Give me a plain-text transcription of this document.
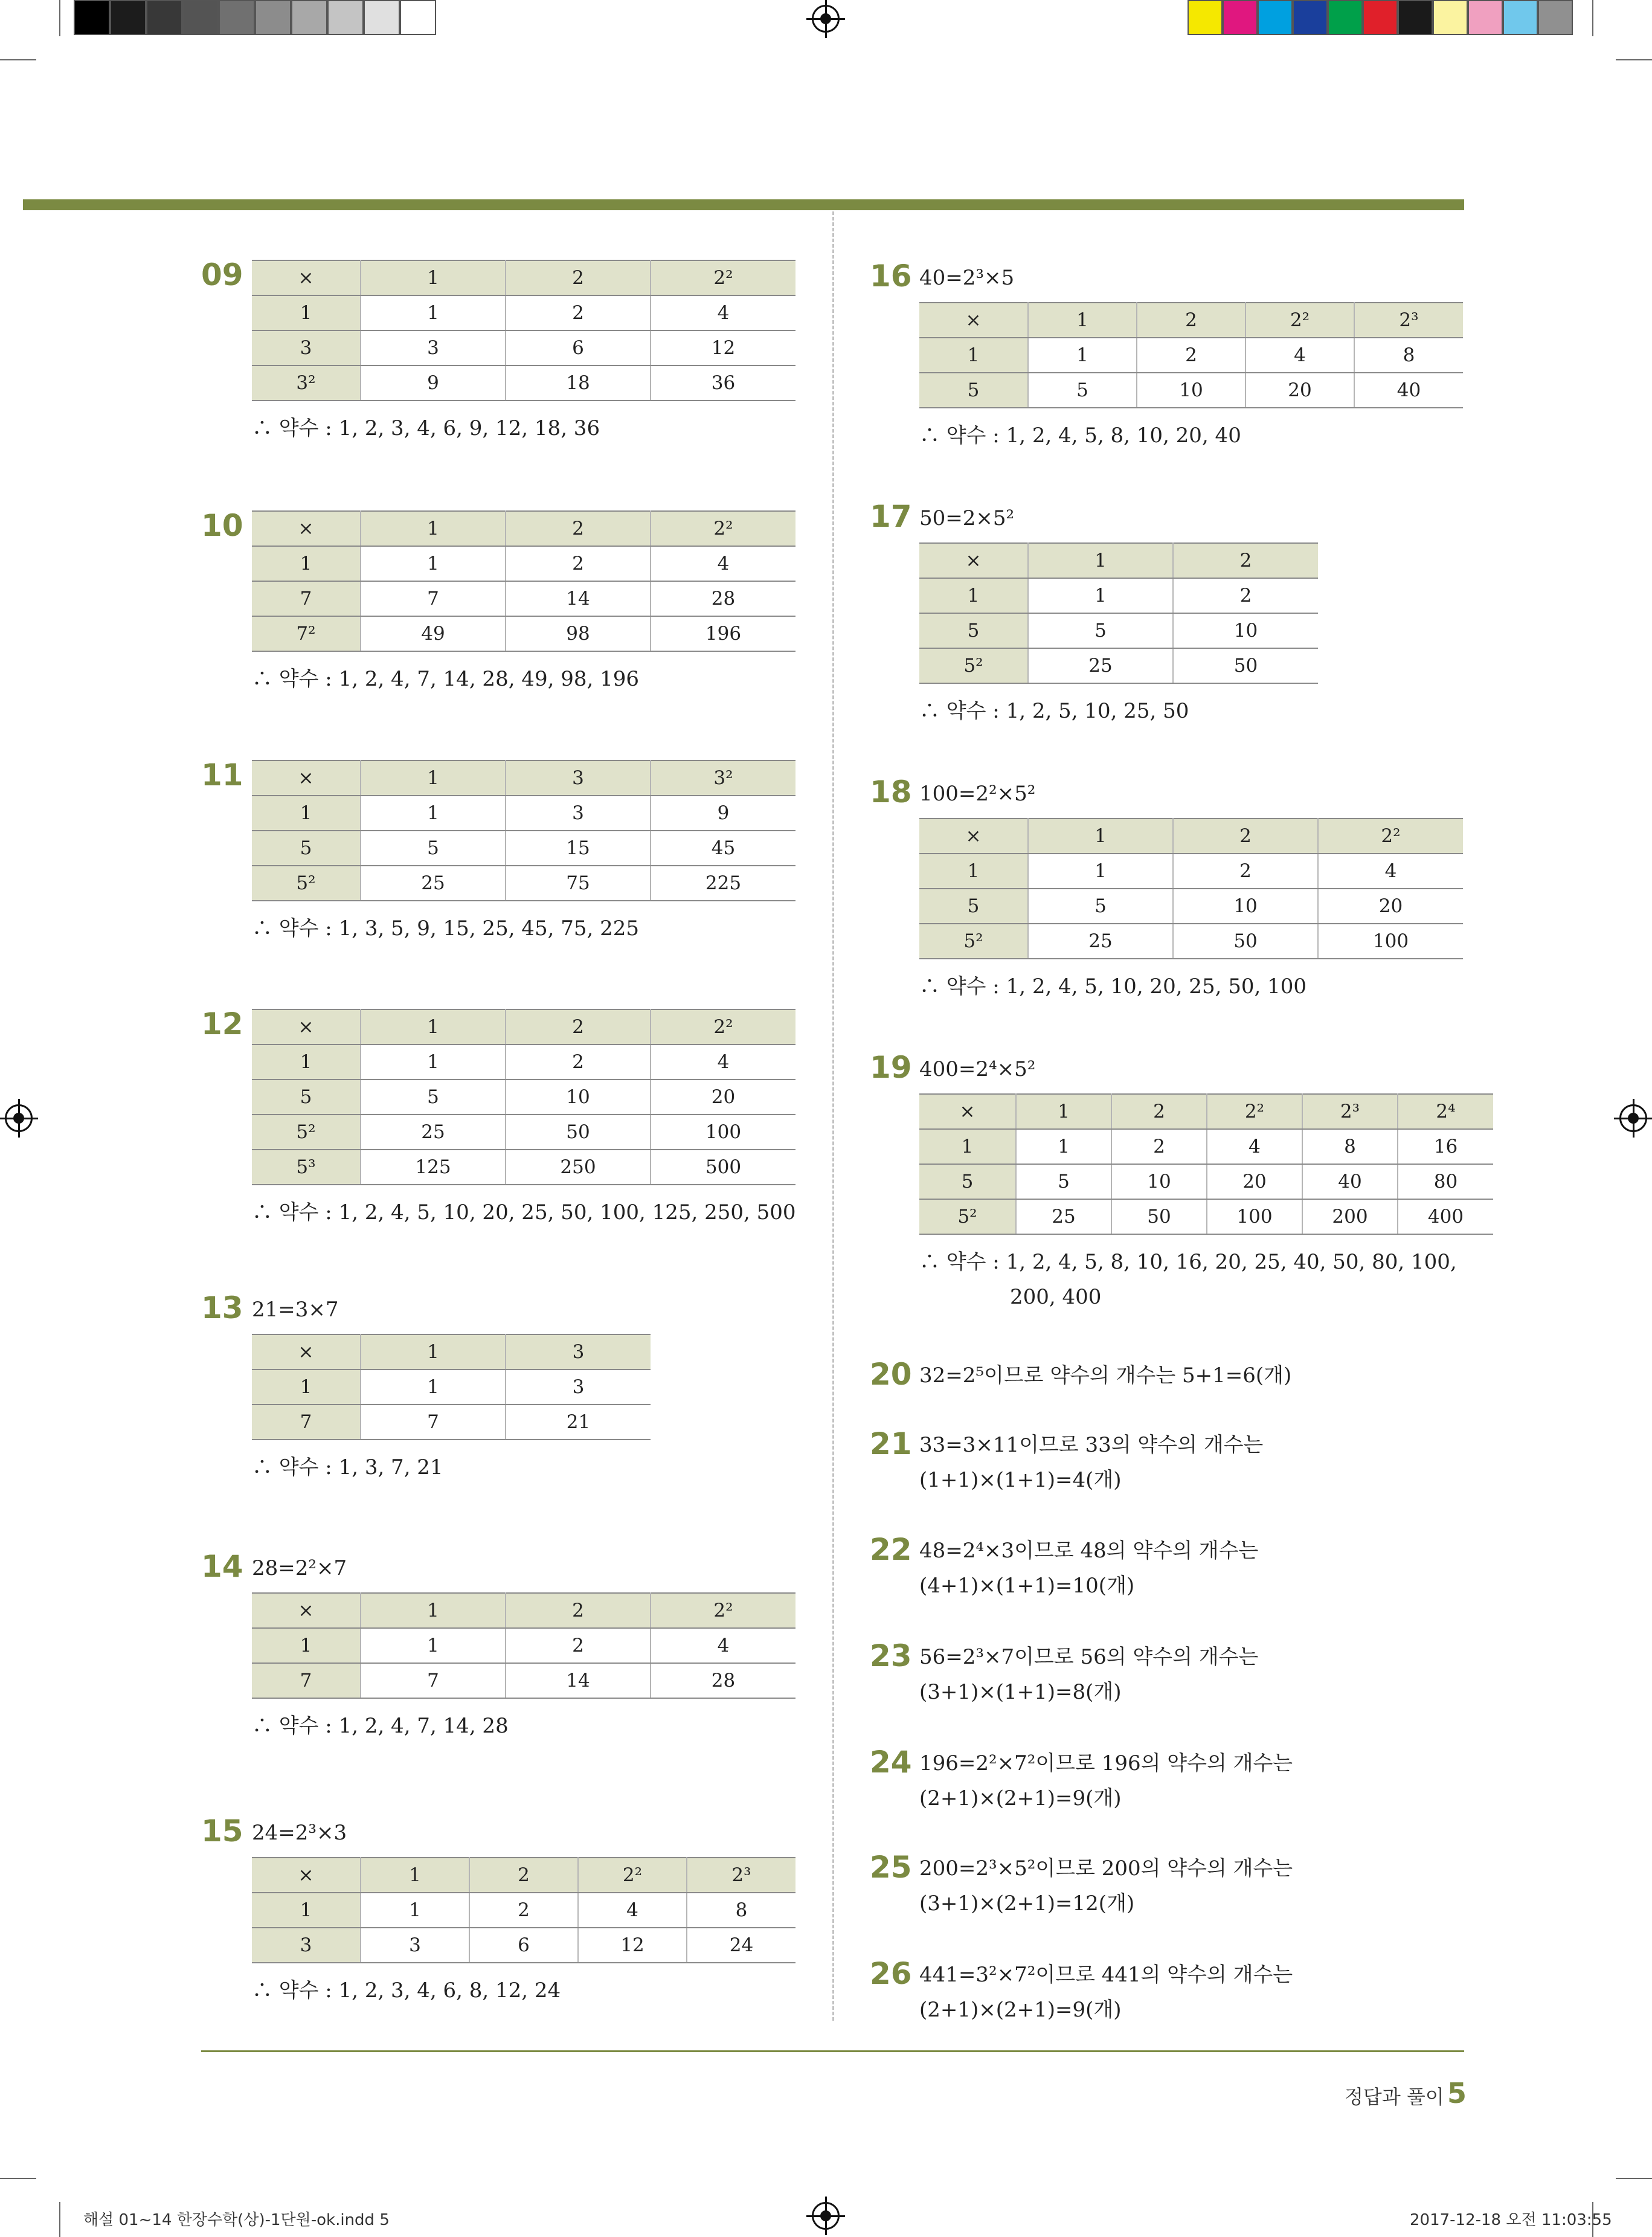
09	×	1	2	2²
1	1	2	4
3	3	6	12
3²	9	18	36
∴ 약수 : 1, 2, 3, 4, 6, 9, 12, 18, 36
10	×	1	2	2²
1	1	2	4
7	7	14	28
7²	49	98	196
∴ 약수 : 1, 2, 4, 7, 14, 28, 49, 98, 196
11	×	1	3	3²
1	1	3	9
5	5	15	45
5²	25	75	225
∴ 약수 : 1, 3, 5, 9, 15, 25, 45, 75, 225
12	×	1	2	2²
1	1	2	4
5	5	10	20
5²	25	50	100
5³	125	250	500
∴ 약수 : 1, 2, 4, 5, 10, 20, 25, 50, 100, 125, 250, 500
13 21=3×7
×	1	3
1	1	3
7	7	21
∴ 약수 : 1, 3, 7, 21
14 28=2²×7
×	1	2	2²
1	1	2	4
7	7	14	28
∴ 약수 : 1, 2, 4, 7, 14, 28
15 24=2³×3
×	1	2	2²	2³
1	1	2	4	8
3	3	6	12	24
∴ 약수 : 1, 2, 3, 4, 6, 8, 12, 24
16 40=2³×5
×	1	2	2²	2³
1	1	2	4	8
5	5	10	20	40
∴ 약수 : 1, 2, 4, 5, 8, 10, 20, 40
17 50=2×5²
×	1	2
1	1	2
5	5	10
5²	25	50
∴ 약수 : 1, 2, 5, 10, 25, 50
18 100=2²×5²
×	1	2	2²
1	1	2	4
5	5	10	20
5²	25	50	100
∴ 약수 : 1, 2, 4, 5, 10, 20, 25, 50, 100
19 400=2⁴×5²
×	1	2	2²	2³	2⁴
1	1	2	4	8	16
5	5	10	20	40	80
5²	25	50	100	200	400
∴ 약수 : 1, 2, 4, 5, 8, 10, 16, 20, 25, 40, 50, 80, 100,
200, 400
20 32=2⁵이므로 약수의 개수는 5+1=6(개)
21 33=3×11이므로 33의 약수의 개수는
(1+1)×(1+1)=4(개)
22 48=2⁴×3이므로 48의 약수의 개수는
(4+1)×(1+1)=10(개)
23 56=2³×7이므로 56의 약수의 개수는
(3+1)×(1+1)=8(개)
24 196=2²×7²이므로 196의 약수의 개수는
(2+1)×(2+1)=9(개)
25 200=2³×5²이므로 200의 약수의 개수는
(3+1)×(2+1)=12(개)
26 441=3²×7²이므로 441의 약수의 개수는
(2+1)×(2+1)=9(개)
정답과 풀이 5
해설 01~14 한장수학(상)-1단원-ok.indd 5	2017-12-18 오전 11:03:55
